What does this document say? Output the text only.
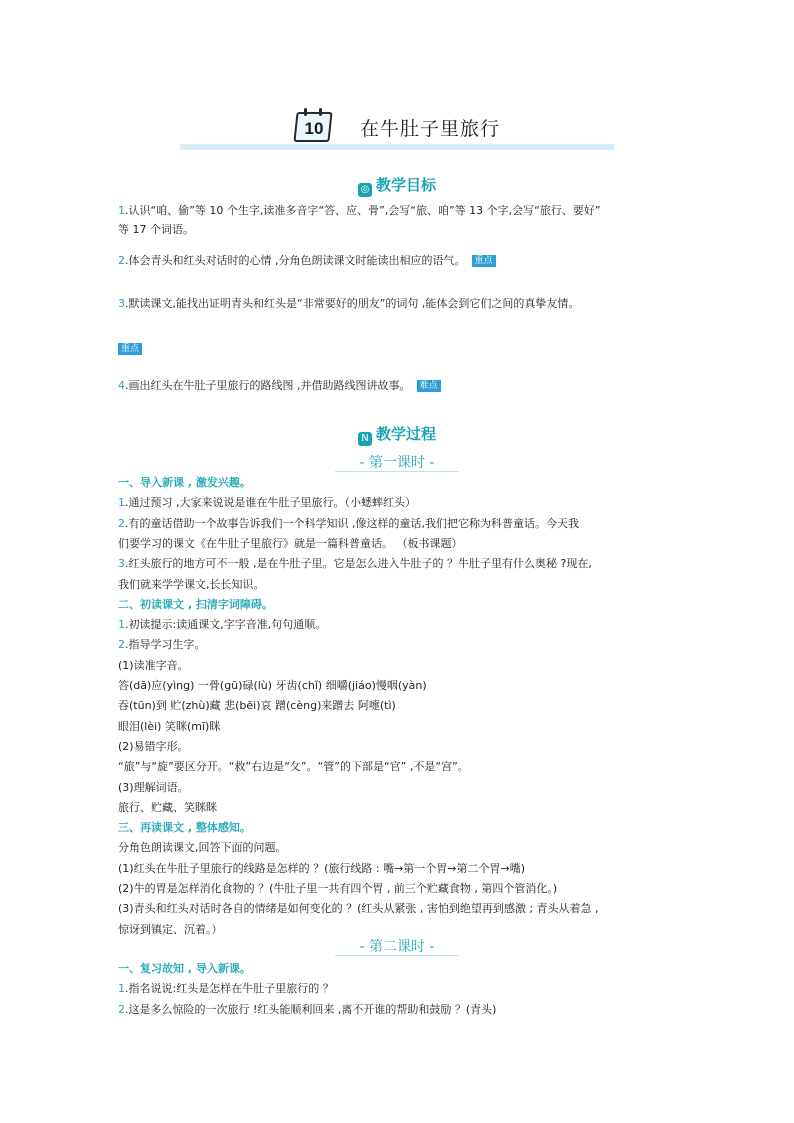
10 在牛肚子里旅行
◎ 教学目标
1.认识“咱、偷”等 10 个生字,读准多音字“答、应、骨”,会写“旅、咱”等 13 个字,会写“旅行、要好”
等 17 个词语。
2.体会青头和红头对话时的心情 ,分角色朗读课文时能读出相应的语气。 重点
3.默读课文,能找出证明青头和红头是“非常要好的朋友”的词句 ,能体会到它们之间的真挚友情。
重点
4.画出红头在牛肚子里旅行的路线图 ,并借助路线图讲故事。 难点
N 教学过程
- 第一课时 -
一、导入新课 , 激发兴趣。
1.通过预习 ,大家来说说是谁在牛肚子里旅行。（小蟋蟀红头）
2.有的童话借助一个故事告诉我们一个科学知识 ,像这样的童话,我们把它称为科普童话。今天我
们要学习的课文《在牛肚子里旅行》就是一篇科普童话。 （板书课题）
3.红头旅行的地方可不一般 ,是在牛肚子里。它是怎么进入牛肚子的 ？牛肚子里有什么奥秘 ?现在,
我们就来学学课文,长长知识。
二、初读课文 , 扫清字词障碍。
1.初读提示:读通课文,字字音准,句句通顺。
2.指导学习生字。
(1)读准字音。
答(dā)应(yìng) 一骨(gū)碌(lù) 牙齿(chǐ) 细嚼(jiáo)慢咽(yàn)
吞(tūn)到 贮(zhù)藏 悲(bēi)哀 蹭(cèng)来蹭去 阿嚏(tì)
眼泪(lèi) 笑眯(mī)眯
(2)易错字形。
“旅”与“旋”要区分开。“救”右边是“攵”。“管”的下部是“官” ,不是“宫”。
(3)理解词语。
旅行、贮藏、笑眯眯
三、再读课文 , 整体感知。
分角色朗读课文,回答下面的问题。
(1)红头在牛肚子里旅行的线路是怎样的 ？(旅行线路 : 嘴→第一个胃→第二个胃→嘴)
(2)牛的胃是怎样消化食物的 ？(牛肚子里一共有四个胃 , 前三个贮藏食物 , 第四个管消化。)
(3)青头和红头对话时各自的情绪是如何变化的 ？(红头从紧张 , 害怕到绝望再到感激 ; 青头从着急 ,
惊讶到镇定、沉着。）
- 第二课时 -
一、复习故知 , 导入新课。
1.指名说说:红头是怎样在牛肚子里旅行的 ？
2.这是多么惊险的一次旅行 !红头能顺利回来 ,离不开谁的帮助和鼓励 ？(青头)
